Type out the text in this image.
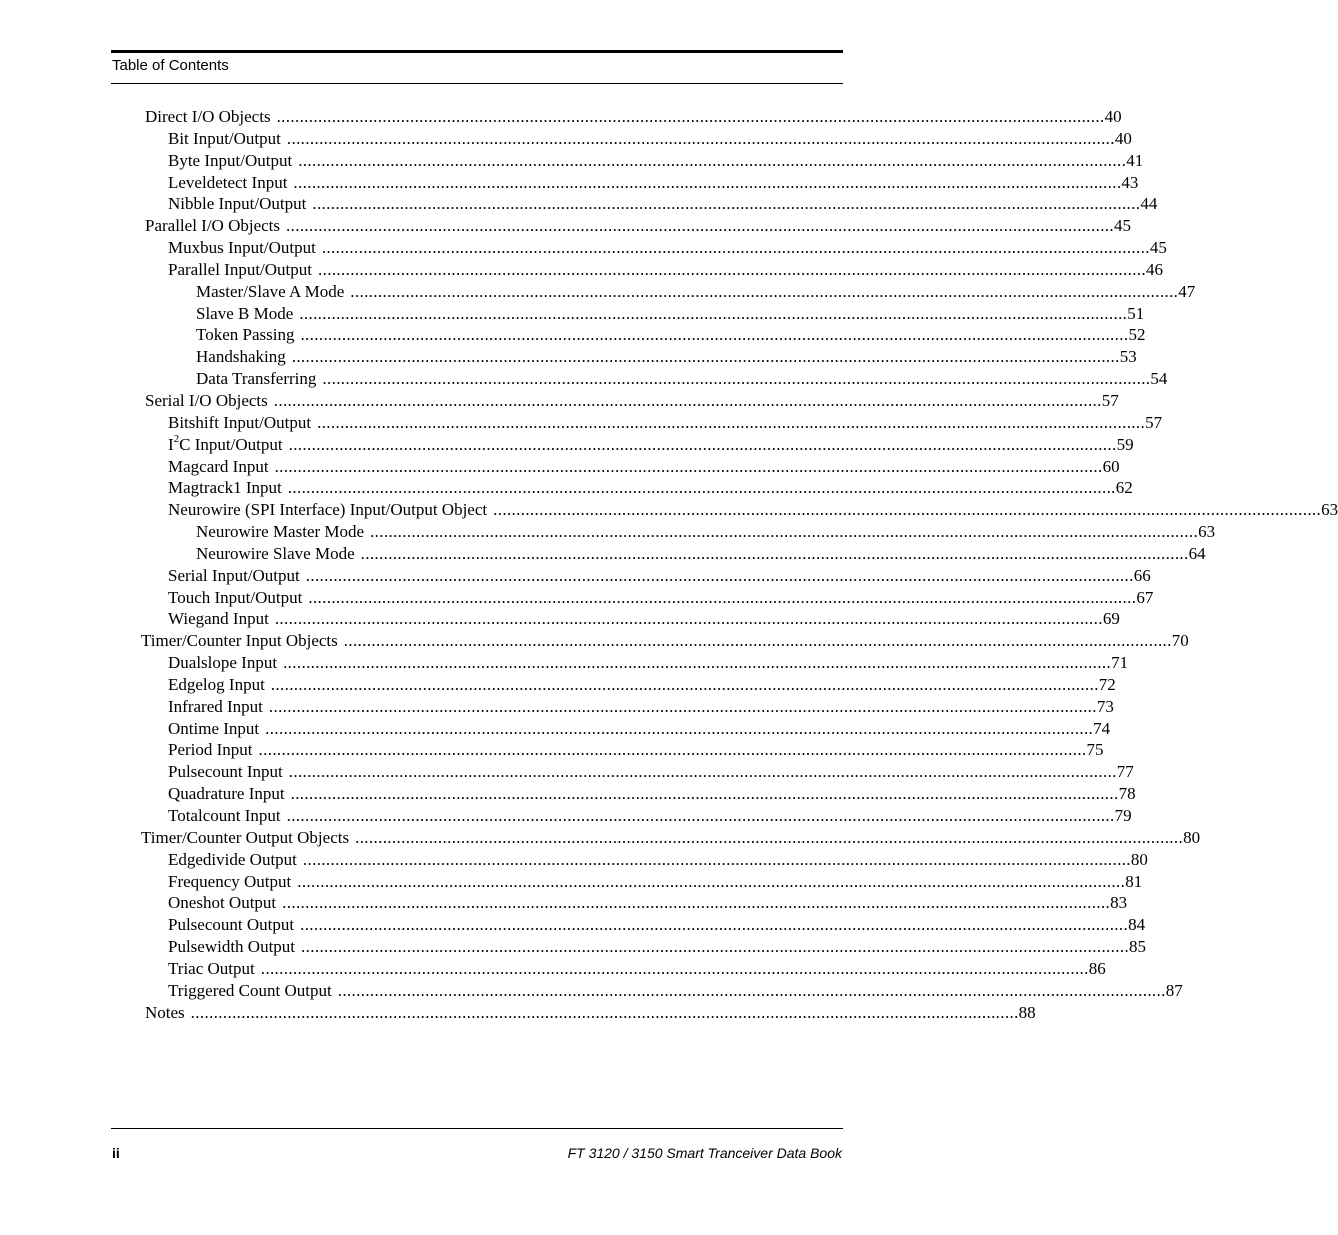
Table of Contents
Direct I/O Objects .................................................................................................................................................................................... 40
Bit Input/Output .................................................................................................................................................................................... 40
Byte Input/Output .................................................................................................................................................................................... 41
Leveldetect Input .................................................................................................................................................................................... 43
Nibble Input/Output .................................................................................................................................................................................... 44
Parallel I/O Objects .................................................................................................................................................................................... 45
Muxbus Input/Output .................................................................................................................................................................................... 45
Parallel Input/Output .................................................................................................................................................................................... 46
Master/Slave A Mode .................................................................................................................................................................................... 47
Slave B Mode .................................................................................................................................................................................... 51
Token Passing .................................................................................................................................................................................... 52
Handshaking .................................................................................................................................................................................... 53
Data Transferring .................................................................................................................................................................................... 54
Serial I/O Objects .................................................................................................................................................................................... 57
Bitshift Input/Output .................................................................................................................................................................................... 57
$I^2C$ Input/Output .................................................................................................................................................................................... 59
Magcard Input .................................................................................................................................................................................... 60
Magtrack1 Input .................................................................................................................................................................................... 62
Neurowire (SPI Interface) Input/Output Object .................................................................................................................................................................................... 63
Neurowire Master Mode .................................................................................................................................................................................... 63
Neurowire Slave Mode .................................................................................................................................................................................... 64
Serial Input/Output .................................................................................................................................................................................... 66
Touch Input/Output .................................................................................................................................................................................... 67
Wiegand Input .................................................................................................................................................................................... 69
Timer/Counter Input Objects .................................................................................................................................................................................... 70
Dualslope Input .................................................................................................................................................................................... 71
Edgelog Input .................................................................................................................................................................................... 72
Infrared Input .................................................................................................................................................................................... 73
Ontime Input .................................................................................................................................................................................... 74
Period Input .................................................................................................................................................................................... 75
Pulsecount Input .................................................................................................................................................................................... 77
Quadrature Input .................................................................................................................................................................................... 78
Totalcount Input .................................................................................................................................................................................... 79
Timer/Counter Output Objects .................................................................................................................................................................................... 80
Edgedivide Output .................................................................................................................................................................................... 80
Frequency Output .................................................................................................................................................................................... 81
Oneshot Output .................................................................................................................................................................................... 83
Pulsecount Output .................................................................................................................................................................................... 84
Pulsewidth Output .................................................................................................................................................................................... 85
Triac Output .................................................................................................................................................................................... 86
Triggered Count Output .................................................................................................................................................................................... 87
Notes .................................................................................................................................................................................... 88
ii	FT 3120 / 3150 Smart Tranceiver Data Book
